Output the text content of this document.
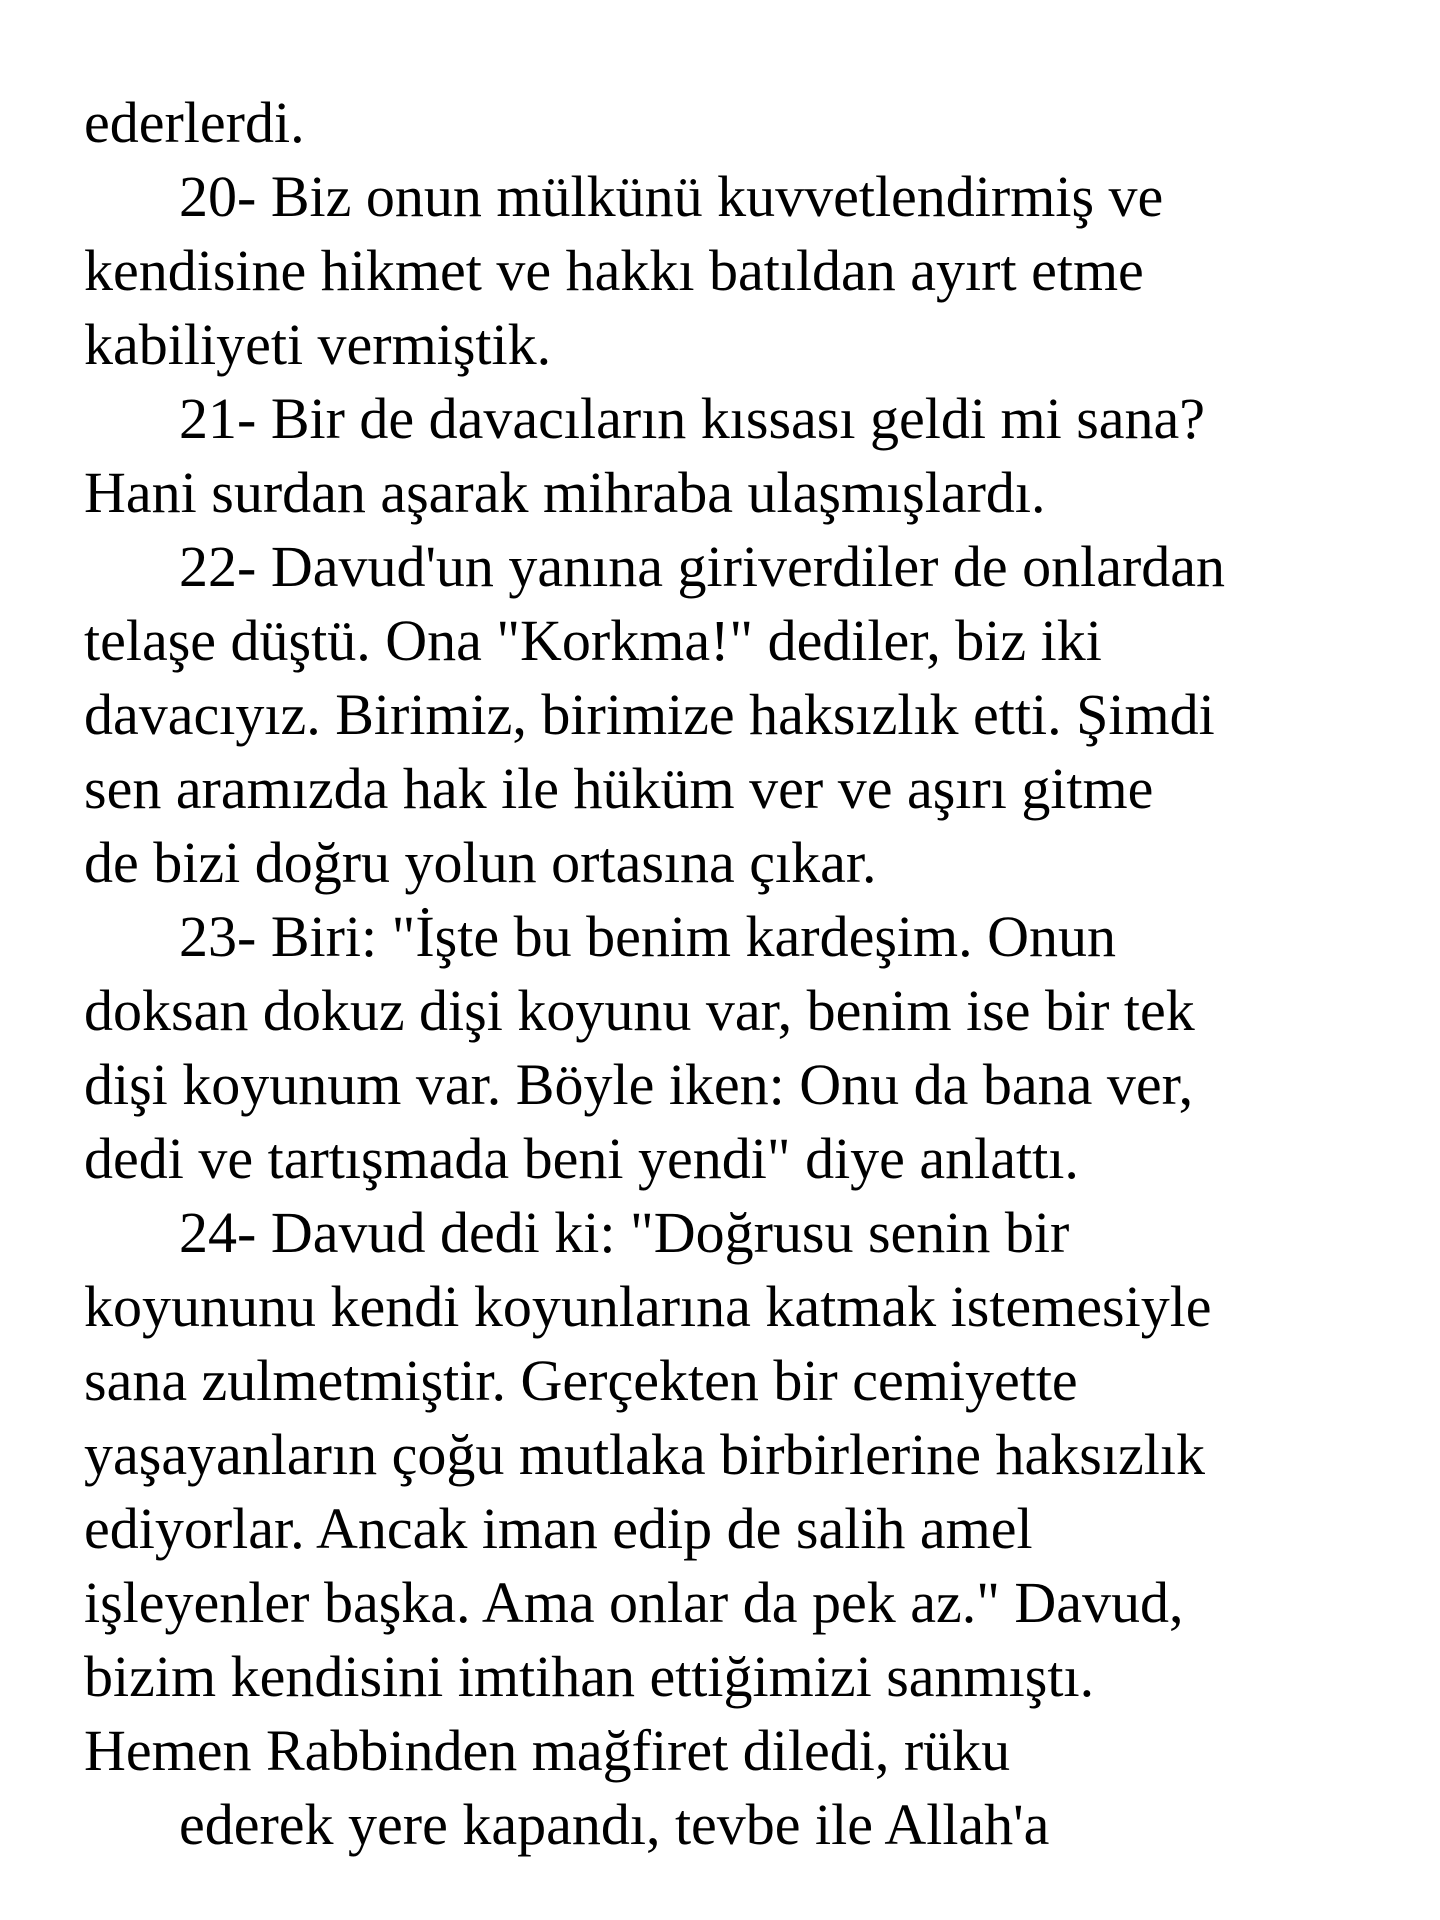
ederlerdi.
20- Biz onun mülkünü kuvvetlendirmiş ve
kendisine hikmet ve hakkı batıldan ayırt etme
kabiliyeti vermiştik.
21- Bir de davacıların kıssası geldi mi sana?
Hani surdan aşarak mihraba ulaşmışlardı.
22- Davud'un yanına giriverdiler de onlardan
telaşe düştü. Ona "Korkma!" dediler, biz iki
davacıyız. Birimiz, birimize haksızlık etti. Şimdi
sen aramızda hak ile hüküm ver ve aşırı gitme
de bizi doğru yolun ortasına çıkar.
23- Biri: "İşte bu benim kardeşim. Onun
doksan dokuz dişi koyunu var, benim ise bir tek
dişi koyunum var. Böyle iken: Onu da bana ver,
dedi ve tartışmada beni yendi" diye anlattı.
24- Davud dedi ki: "Doğrusu senin bir
koyununu kendi koyunlarına katmak istemesiyle
sana zulmetmiştir. Gerçekten bir cemiyette
yaşayanların çoğu mutlaka birbirlerine haksızlık
ediyorlar. Ancak iman edip de salih amel
işleyenler başka. Ama onlar da pek az." Davud,
bizim kendisini imtihan ettiğimizi sanmıştı.
Hemen Rabbinden mağfiret diledi, rüku
ederek yere kapandı, tevbe ile Allah'a
